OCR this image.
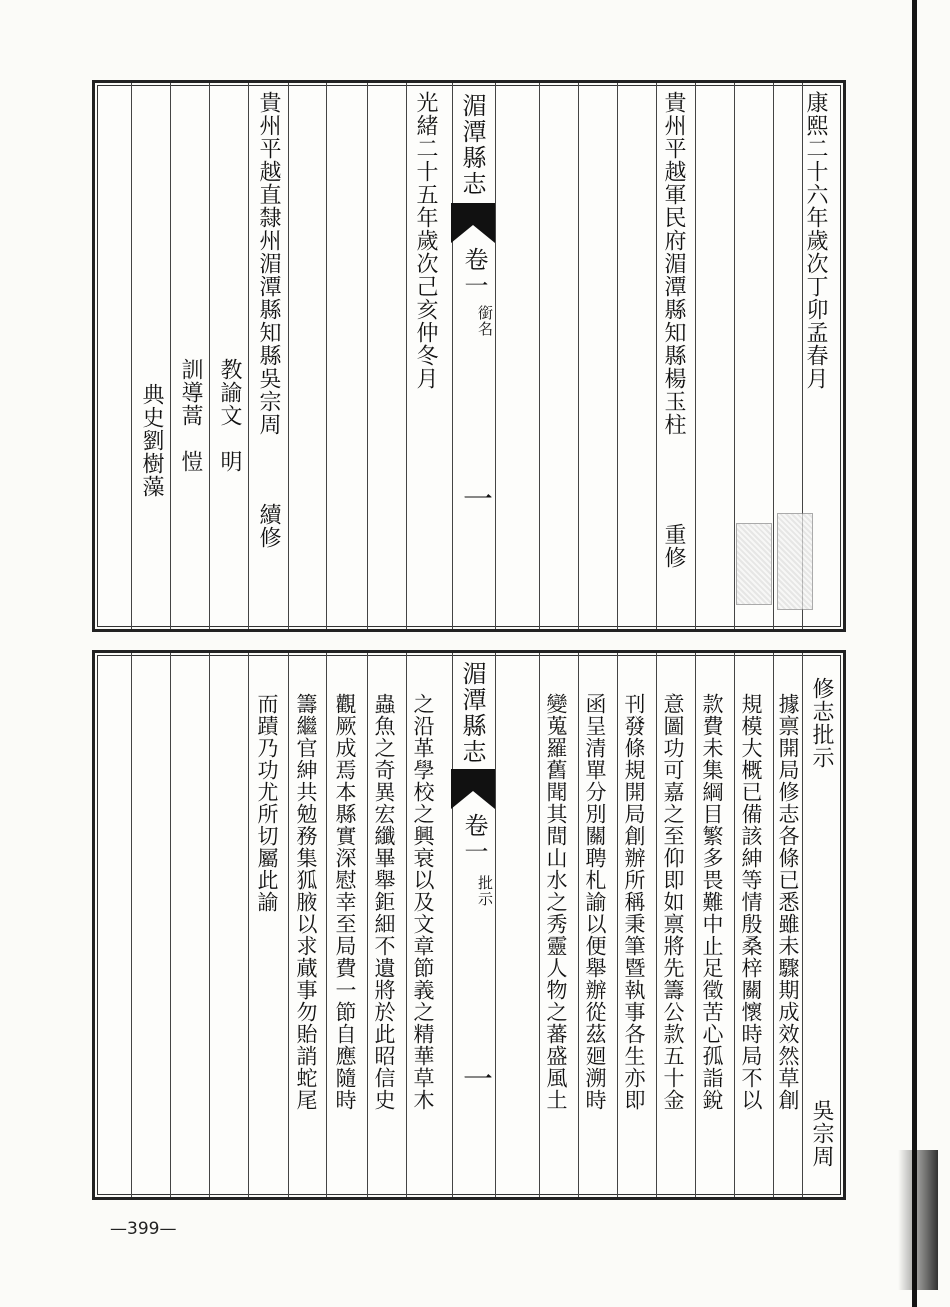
康熙二十六年歲次丁卯孟春月
貴州平越軍民府湄潭縣知縣楊玉柱
重修
湄潭縣志
卷一
銜名
一
光緒二十五年歲次己亥仲冬月
貴州平越直隸州湄潭縣知縣吳宗周
續修
教諭文　明
訓導蒿　愷
典史劉樹藻
修志批示
吳宗周
據禀開局修志各條已悉雖未驟期成效然草創
規模大概已備該紳等情殷桑梓關懷時局不以
款費未集綱目繁多畏難中止足徵苦心孤詣銳
意圖功可嘉之至仰即如禀將先籌公款五十金
刊發條規開局創辦所稱秉筆暨執事各生亦即
函呈清單分別關聘札諭以便舉辦從茲廻溯時
變蒐羅舊聞其間山水之秀靈人物之蕃盛風土
湄潭縣志
卷一
批示
一
之沿革學校之興衰以及文章節義之精華草木
蟲魚之奇異宏纖畢舉鉅細不遺將於此昭信史
觀厥成焉本縣實深慰幸至局費一節自應隨時
籌繼官紳共勉務集狐腋以求蕆事勿貽誚蛇尾
而蹟乃功尤所切屬此諭
—399—
